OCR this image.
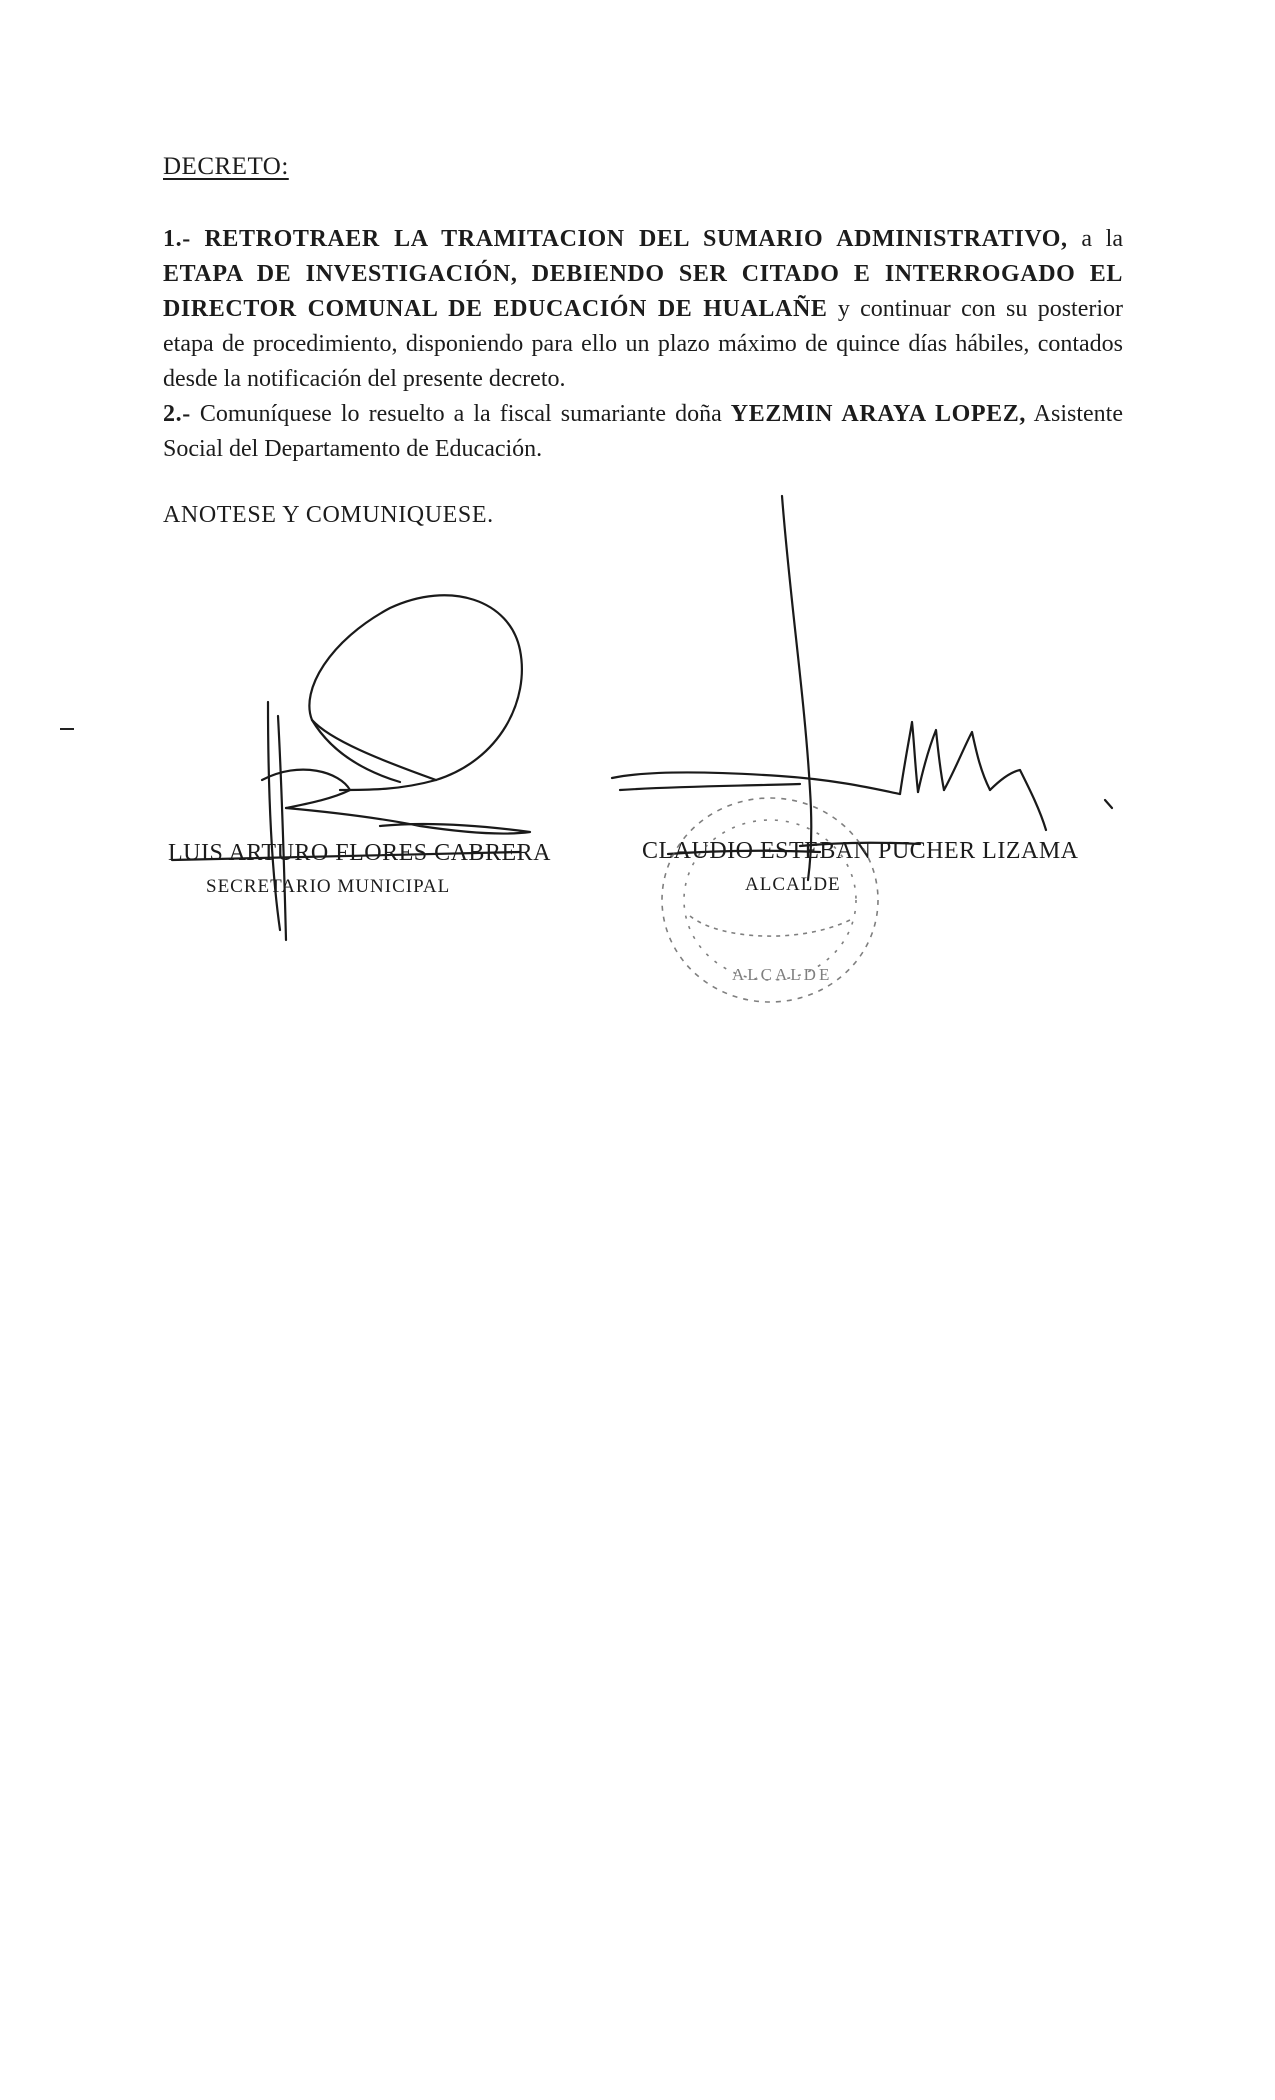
DECRETO:

1.- RETROTRAER LA TRAMITACION DEL SUMARIO ADMINISTRATIVO, a la ETAPA DE INVESTIGACIÓN, DEBIENDO SER CITADO E INTERROGADO EL DIRECTOR COMUNAL DE EDUCACIÓN DE HUALAÑE y continuar con su posterior etapa de procedimiento, disponiendo para ello un plazo máximo de quince días hábiles, contados desde la notificación del presente decreto.

2.- Comuníquese lo resuelto a la fiscal sumariante doña YEZMIN ARAYA LOPEZ, Asistente Social del Departamento de Educación.

ANOTESE Y COMUNIQUESE.
LUIS ARTURO FLORES CABRERA
SECRETARIO MUNICIPAL
CLAUDIO ESTEBAN PUCHER LIZAMA
ALCALDE
ALCALDE
